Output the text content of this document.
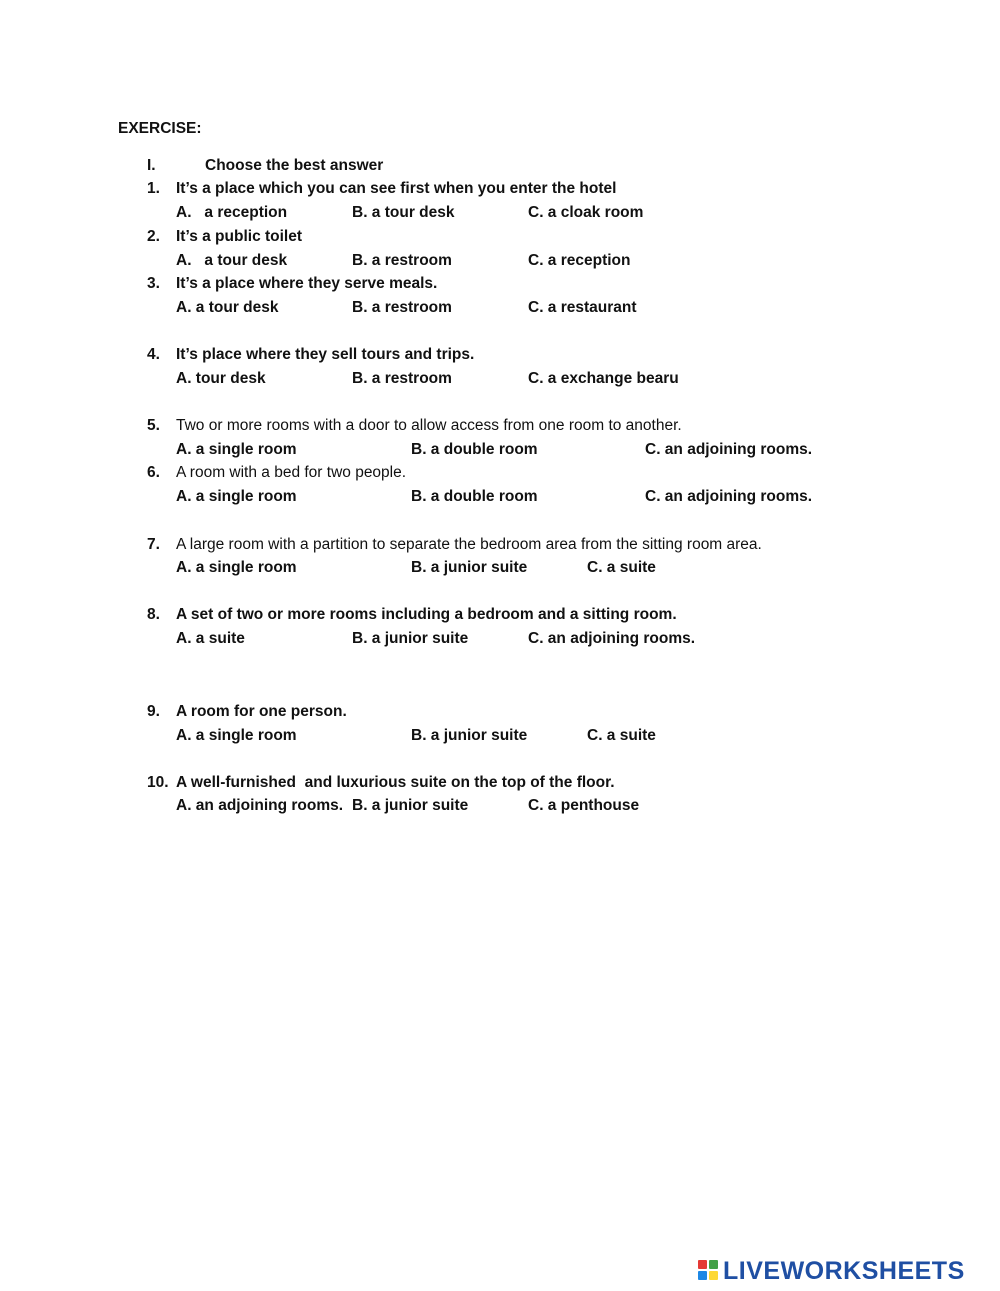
EXERCISE:
I.	Choose the best answer
1. It’s a place which you can see first when you enter the hotel
A.   a reception	B. a tour desk	C. a cloak room
2. It’s a public toilet
A.   a tour desk	B. a restroom	C. a reception
3. It’s a place where they serve meals.
A. a tour desk	B. a restroom	C. a restaurant
4. It’s place where they sell tours and trips.
A. tour desk	B. a restroom	C. a exchange bearu
5. Two or more rooms with a door to allow access from one room to another.
A. a single room	B. a double room	C. an adjoining rooms.
6. A room with a bed for two people.
A. a single room	B. a double room	C. an adjoining rooms.
7. A large room with a partition to separate the bedroom area from the sitting room area.
A. a single room	B. a junior suite	C. a suite
8. A set of two or more rooms including a bedroom and a sitting room.
A. a suite	B. a junior suite	C. an adjoining rooms.
9. A room for one person.
A. a single room	B. a junior suite	C. a suite
10. A well-furnished  and luxurious suite on the top of the floor.
A. an adjoining rooms. B. a junior suite	C. a penthouse
LIVEWORKSHEETS
